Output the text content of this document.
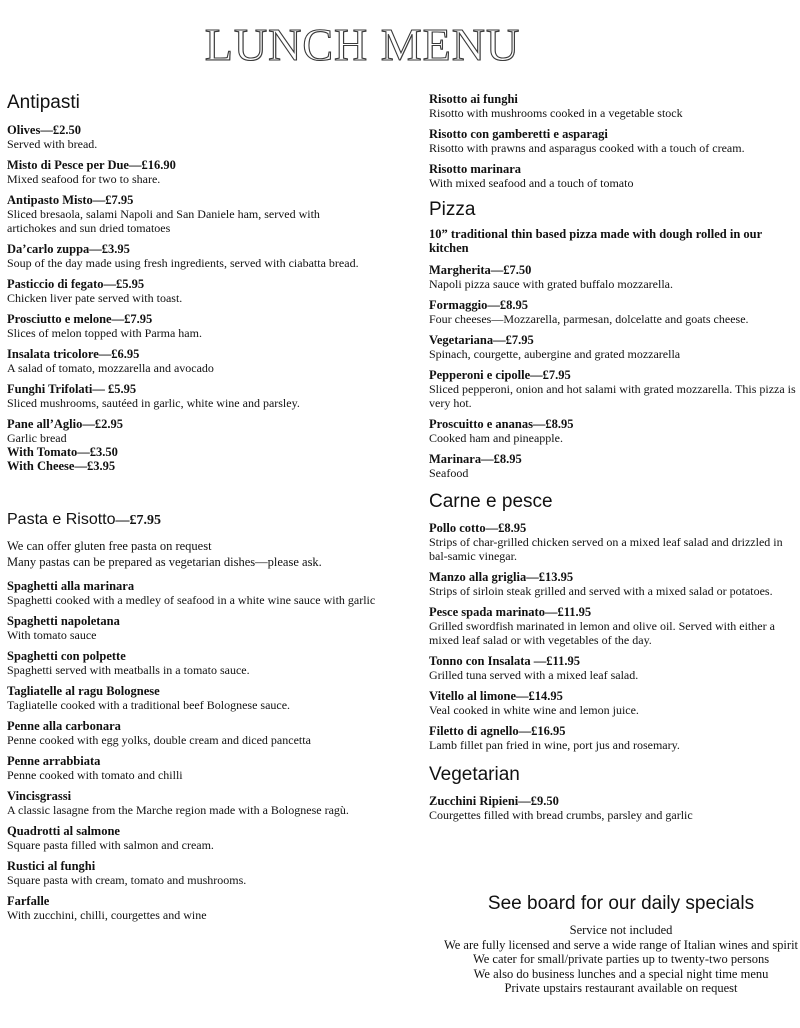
LUNCH MENU
Antipasti
Olives—£2.50
Served with bread.
Misto di Pesce per Due—£16.90
Mixed seafood for two to share.
Antipasto Misto—£7.95
Sliced bresaola, salami Napoli and San Daniele ham, served with artichokes and sun dried tomatoes
Da’carlo zuppa—£3.95
Soup of the day made using fresh ingredients, served with ciabatta bread.
Pasticcio di fegato—£5.95
Chicken liver pate served with toast.
Prosciutto e melone—£7.95
Slices of melon topped with Parma ham.
Insalata tricolore—£6.95
A salad of tomato, mozzarella and avocado
Funghi Trifolati— £5.95
Sliced mushrooms, sautéed in garlic, white wine and parsley.
Pane all’Aglio—£2.95
Garlic bread
With Tomato—£3.50
With Cheese—£3.95
Pasta e Risotto—£7.95
We can offer gluten free pasta on request
Many pastas can be prepared as vegetarian dishes—please ask.
Spaghetti alla marinara
Spaghetti cooked with a medley of seafood in a white wine sauce with garlic
Spaghetti napoletana
With tomato sauce
Spaghetti con polpette
Spaghetti served with meatballs in a tomato sauce.
Tagliatelle al ragu Bolognese
Tagliatelle cooked with a traditional beef Bolognese sauce.
Penne alla carbonara
Penne cooked with egg yolks, double cream and diced pancetta
Penne arrabbiata
Penne cooked with tomato and chilli
Vincisgrassi
A classic lasagne from the Marche region made with a Bolognese ragù.
Quadrotti al salmone
Square pasta filled with salmon and cream.
Rustici al funghi
Square pasta with cream, tomato and mushrooms.
Farfalle
With zucchini, chilli, courgettes and wine
Risotto ai funghi
Risotto with mushrooms cooked in a vegetable stock
Risotto con gamberetti e asparagi
Risotto with prawns and asparagus cooked with a touch of cream.
Risotto marinara
With mixed seafood and a touch of tomato
Pizza
10” traditional thin based pizza made with dough rolled in our kitchen
Margherita—£7.50
Napoli pizza sauce with grated buffalo mozzarella.
Formaggio—£8.95
Four cheeses—Mozzarella, parmesan, dolcelatte and goats cheese.
Vegetariana—£7.95
Spinach, courgette, aubergine and grated mozzarella
Pepperoni e cipolle—£7.95
Sliced pepperoni, onion and hot salami with grated mozzarella. This pizza is very hot.
Proscuitto e ananas—£8.95
Cooked ham and pineapple.
Marinara—£8.95
Seafood
Carne e pesce
Pollo cotto—£8.95
Strips of char-grilled chicken served on a mixed leaf salad and drizzled in bal-samic vinegar.
Manzo alla griglia—£13.95
Strips of sirloin steak grilled and served with a mixed salad or potatoes.
Pesce spada marinato—£11.95
Grilled swordfish marinated in lemon and olive oil. Served with either a mixed leaf salad or with vegetables of the day.
Tonno con Insalata —£11.95
Grilled tuna served with a mixed leaf salad.
Vitello al limone—£14.95
Veal cooked in white wine and lemon juice.
Filetto di agnello—£16.95
Lamb fillet pan fried in wine, port jus and rosemary.
Vegetarian
Zucchini Ripieni—£9.50
Courgettes filled with bread crumbs, parsley and garlic
See board for our daily specials
Service not included
We are fully licensed and serve a wide range of Italian wines and spirit
We cater for small/private parties up to twenty-two persons
We also do business lunches and a special night time menu
Private upstairs restaurant available on request
